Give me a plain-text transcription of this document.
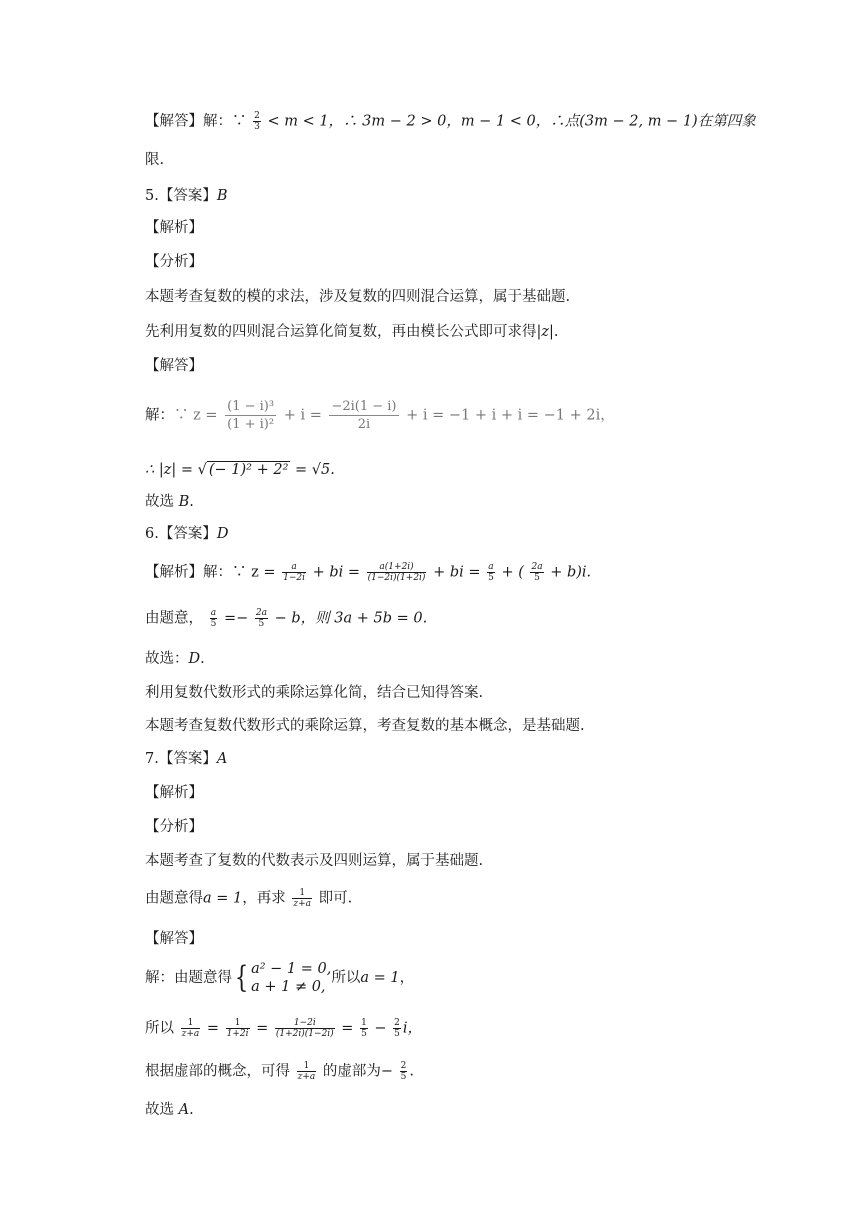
【解答】解：∵ $\frac{2}{3} < m < 1$，∴ 3m − 2 > 0，m − 1 < 0，∴点(3m − 2, m − 1)在第四象
限.
5.【答案】B
【解析】
【分析】
本题考查复数的模的求法，涉及复数的四则混合运算，属于基础题.
先利用复数的四则混合运算化简复数，再由模长公式即可求得|z|.
【解答】
解：∵ $z = \frac{\text{(1 − i)³}}{\text{(1 + i)²}} + i = \frac{-2i(1 - i)}{2i} + i = -1 + i + i = -1 + 2i$，
∴ |z| = √ (− 1)² + 2² = √5.
故选 B.
6.【答案】D
【解析】解：∵ $z = \frac{a}{1-2i}$ + bi = $\frac{a(1+2i)}{(1-2i)(1+2i)}$ + bi = $\frac{a}{5}$ + ( $\frac{2a}{5} + b)i$.
由题意， $\frac{a}{5} =- \frac{2a}{5} - b$，则 3a + 5b = 0.
故选：D.
利用复数代数形式的乘除运算化简，结合已知得答案.
本题考查复数代数形式的乘除运算，考查复数的基本概念，是基础题.
7.【答案】A
【解析】
【分析】
本题考查了复数的代数表示及四则运算，属于基础题.
由题意得a = 1，再求 $\frac{1}{z+a}$ 即可.
【解答】
解：由题意得{ a² − 1 = 0,
a + 1 ≠ 0,
所以a = 1，
所以 $\frac{1}{z+a} = \frac{1}{1+2i} = \frac{1-2i}{(1+2i)(1-2i)} = \frac{1}{5} - \frac{2}{5}$ i，
根据虚部的概念，可得 $\frac{1}{z+a}$ 的虚部为− $\frac{2}{5}$ .
故选 A.
